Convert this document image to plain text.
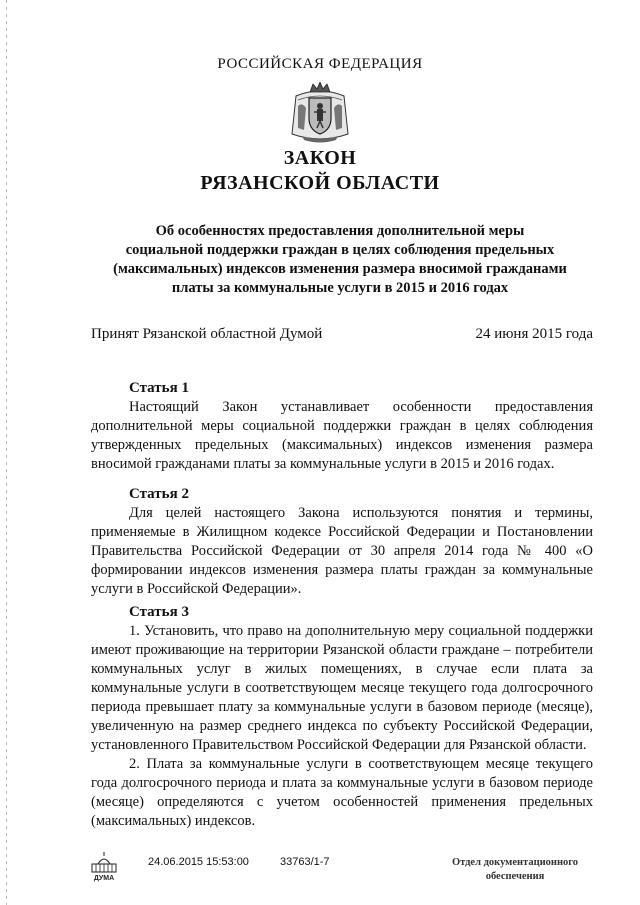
РОССИЙСКАЯ ФЕДЕРАЦИЯ
ЗАКОН
РЯЗАНСКОЙ ОБЛАСТИ
Об особенностях предоставления дополнительной меры
социальной поддержки граждан в целях соблюдения предельных
(максимальных) индексов изменения размера вносимой гражданами
платы за коммунальные услуги в 2015 и 2016 годах
Принят Рязанской областной Думой	24 июня 2015 года
Статья 1

Настоящий Закон устанавливает особенности предоставления дополнительной меры социальной поддержки граждан в целях соблюдения утвержденных предельных (максимальных) индексов изменения размера вносимой гражданами платы за коммунальные услуги в 2015 и 2016 годах.

Статья 2

Для целей настоящего Закона используются понятия и термины, применяемые в Жилищном кодексе Российской Федерации и Постановлении Правительства Российской Федерации от 30 апреля 2014 года № 400 «О формировании индексов изменения размера платы граждан за коммунальные услуги в Российской Федерации».

Статья 3

1. Установить, что право на дополнительную меру социальной поддержки имеют проживающие на территории Рязанской области граждане – потребители коммунальных услуг в жилых помещениях, в случае если плата за коммунальные услуги в соответствующем месяце текущего года долгосрочного периода превышает плату за коммунальные услуги в базовом периоде (месяце), увеличенную на размер среднего индекса по субъекту Российской Федерации, установленного Правительством Российской Федерации для Рязанской области.

2. Плата за коммунальные услуги в соответствующем месяце текущего года долгосрочного периода и плата за коммунальные услуги в базовом периоде (месяце) определяются с учетом особенностей применения предельных (максимальных) индексов.

ДУМА
24.06.2015 15:53:00	33763/1-7	Отдел документационного
обеспечения
